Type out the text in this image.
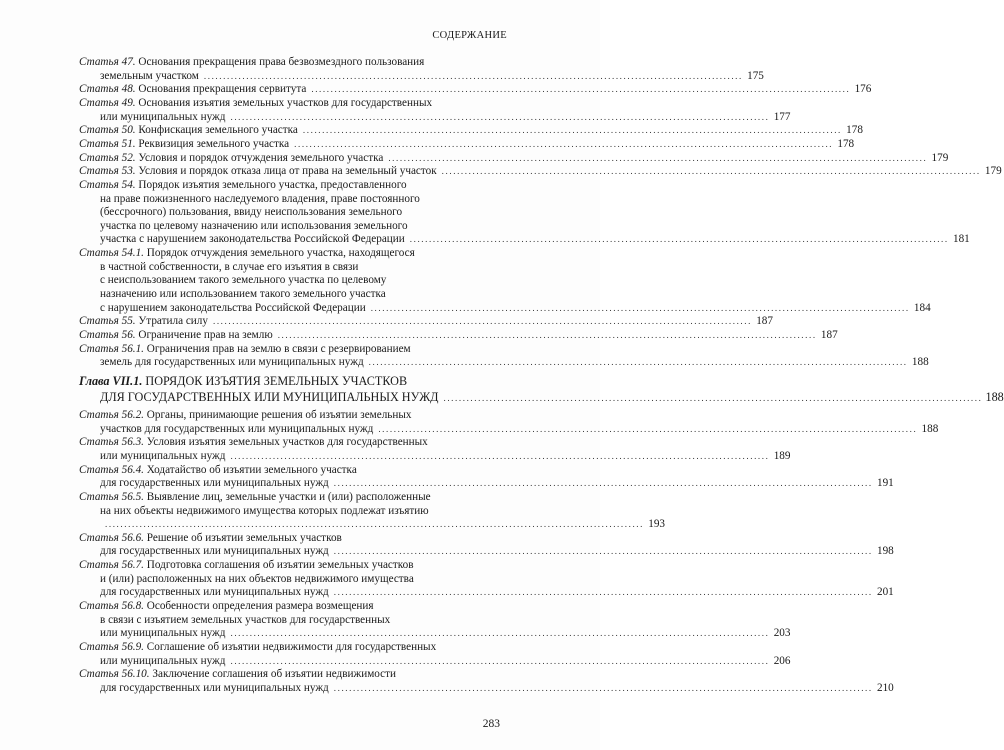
СОДЕРЖАНИЕ
Статья 47. Основания прекращения права безвозмездного пользования
земельным участком ............................................................................................................................................ 175
Статья 48. Основания прекращения сервитута ............................................................................................................................................ 176
Статья 49. Основания изъятия земельных участков для государственных
или муниципальных нужд ............................................................................................................................................ 177
Статья 50. Конфискация земельного участка ............................................................................................................................................ 178
Статья 51. Реквизиция земельного участка ............................................................................................................................................ 178
Статья 52. Условия и порядок отчуждения земельного участка ............................................................................................................................................ 179
Статья 53. Условия и порядок отказа лица от права на земельный участок ............................................................................................................................................ 179
Статья 54. Порядок изъятия земельного участка, предоставленного
на праве пожизненного наследуемого владения, праве постоянного
(бессрочного) пользования, ввиду неиспользования земельного
участка по целевому назначению или использования земельного
участка с нарушением законодательства Российской Федерации ............................................................................................................................................ 181
Статья 54.1. Порядок отчуждения земельного участка, находящегося
в частной собственности, в случае его изъятия в связи
с неиспользованием такого земельного участка по целевому
назначению или использованием такого земельного участка
с нарушением законодательства Российской Федерации ............................................................................................................................................ 184
Статья 55. Утратила силу ............................................................................................................................................ 187
Статья 56. Ограничение прав на землю ............................................................................................................................................ 187
Статья 56.1. Ограничения прав на землю в связи с резервированием
земель для государственных или муниципальных нужд ............................................................................................................................................ 188
Глава VII.1. ПОРЯДОК ИЗЪЯТИЯ ЗЕМЕЛЬНЫХ УЧАСТКОВ
ДЛЯ ГОСУДАРСТВЕННЫХ ИЛИ МУНИЦИПАЛЬНЫХ НУЖД ............................................................................................................................................ 188
Статья 56.2. Органы, принимающие решения об изъятии земельных
участков для государственных или муниципальных нужд ............................................................................................................................................ 188
Статья 56.3. Условия изъятия земельных участков для государственных
или муниципальных нужд ............................................................................................................................................ 189
Статья 56.4. Ходатайство об изъятии земельного участка
для государственных или муниципальных нужд ............................................................................................................................................ 191
Статья 56.5. Выявление лиц, земельные участки и (или) расположенные
на них объекты недвижимого имущества которых подлежат изъятию
............................................................................................................................................ 193
Статья 56.6. Решение об изъятии земельных участков
для государственных или муниципальных нужд ............................................................................................................................................ 198
Статья 56.7. Подготовка соглашения об изъятии земельных участков
и (или) расположенных на них объектов недвижимого имущества
для государственных или муниципальных нужд ............................................................................................................................................ 201
Статья 56.8. Особенности определения размера возмещения
в связи с изъятием земельных участков для государственных
или муниципальных нужд ............................................................................................................................................ 203
Статья 56.9. Соглашение об изъятии недвижимости для государственных
или муниципальных нужд ............................................................................................................................................ 206
Статья 56.10. Заключение соглашения об изъятии недвижимости
для государственных или муниципальных нужд ............................................................................................................................................ 210
283
